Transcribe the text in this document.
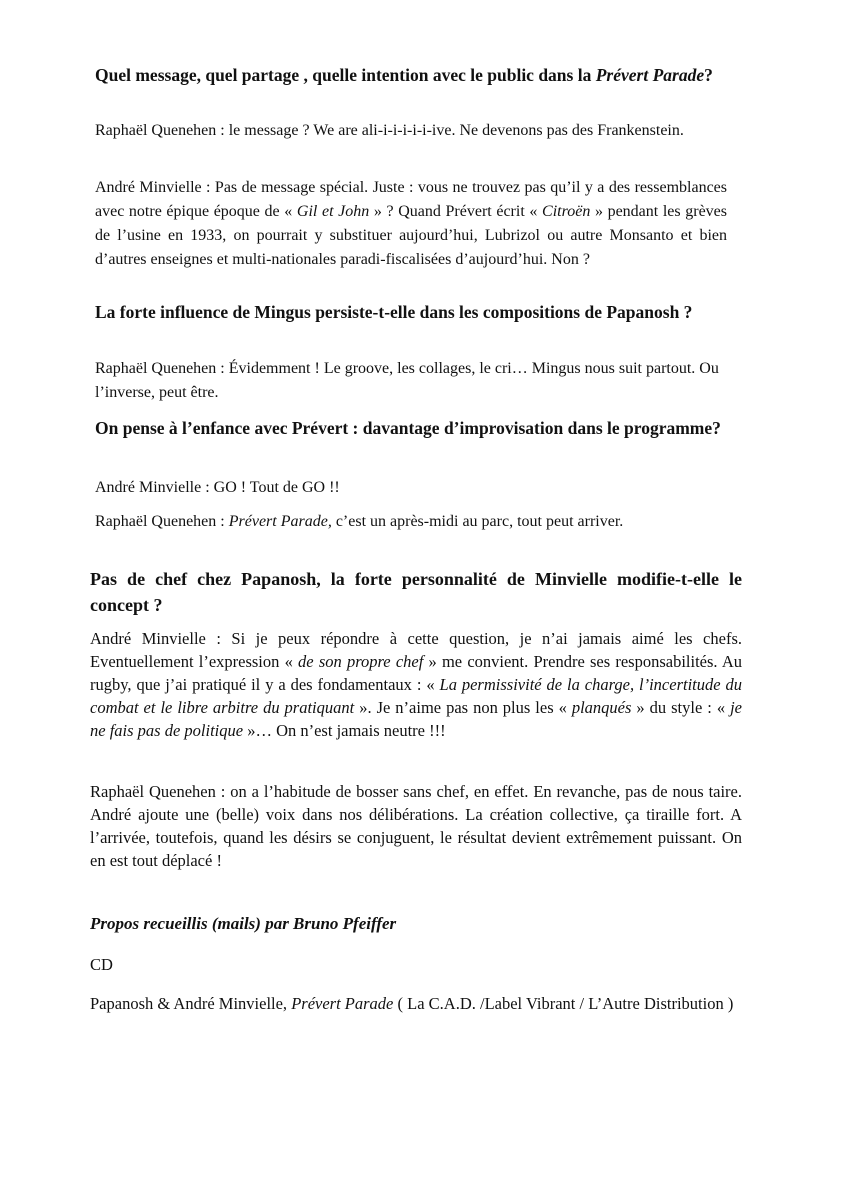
Quel message, quel partage , quelle intention avec le public dans la Prévert Parade?

Raphaël Quenehen : le message ? We are ali-i-i-i-i-i-ive. Ne devenons pas des Frankenstein.

André Minvielle : Pas de message spécial. Juste : vous ne trouvez pas qu’il y a des ressemblances avec notre épique époque de « Gil et John » ? Quand Prévert écrit « Citroën » pendant les grèves de l’usine en 1933, on pourrait y substituer aujourd’hui, Lubrizol ou autre Monsanto et bien d’autres enseignes et multi-nationales paradi-fiscalisées d’aujourd’hui. Non ?

La forte influence de Mingus persiste-t-elle dans les compositions de Papanosh ?

Raphaël Quenehen : Évidemment ! Le groove, les collages, le cri… Mingus nous suit partout. Ou l’inverse, peut être.

On pense à l’enfance avec Prévert : davantage d’improvisation dans le programme?

André Minvielle : GO ! Tout de GO !!

Raphaël Quenehen : Prévert Parade, c’est un après-midi au parc, tout peut arriver.

Pas de chef chez Papanosh, la forte personnalité de Minvielle modifie-t-elle le concept ?

André Minvielle : Si je peux répondre à cette question, je n’ai jamais aimé les chefs. Eventuellement l’expression « de son propre chef » me convient. Prendre ses responsabilités. Au rugby, que j’ai pratiqué il y a des fondamentaux : « La permissivité de la charge, l’incertitude du combat et le libre arbitre du pratiquant ». Je n’aime pas non plus les « planqués » du style : « je ne fais pas de politique »… On n’est jamais neutre !!!

Raphaël Quenehen : on a l’habitude de bosser sans chef, en effet. En revanche, pas de nous taire. André ajoute une (belle) voix dans nos délibérations. La création collective, ça tiraille fort. A l’arrivée, toutefois, quand les désirs se conjuguent, le résultat devient extrêmement puissant. On en est tout déplacé !

Propos recueillis (mails) par Bruno Pfeiffer

CD

Papanosh & André Minvielle, Prévert Parade ( La C.A.D. /Label Vibrant / L’Autre Distribution )
